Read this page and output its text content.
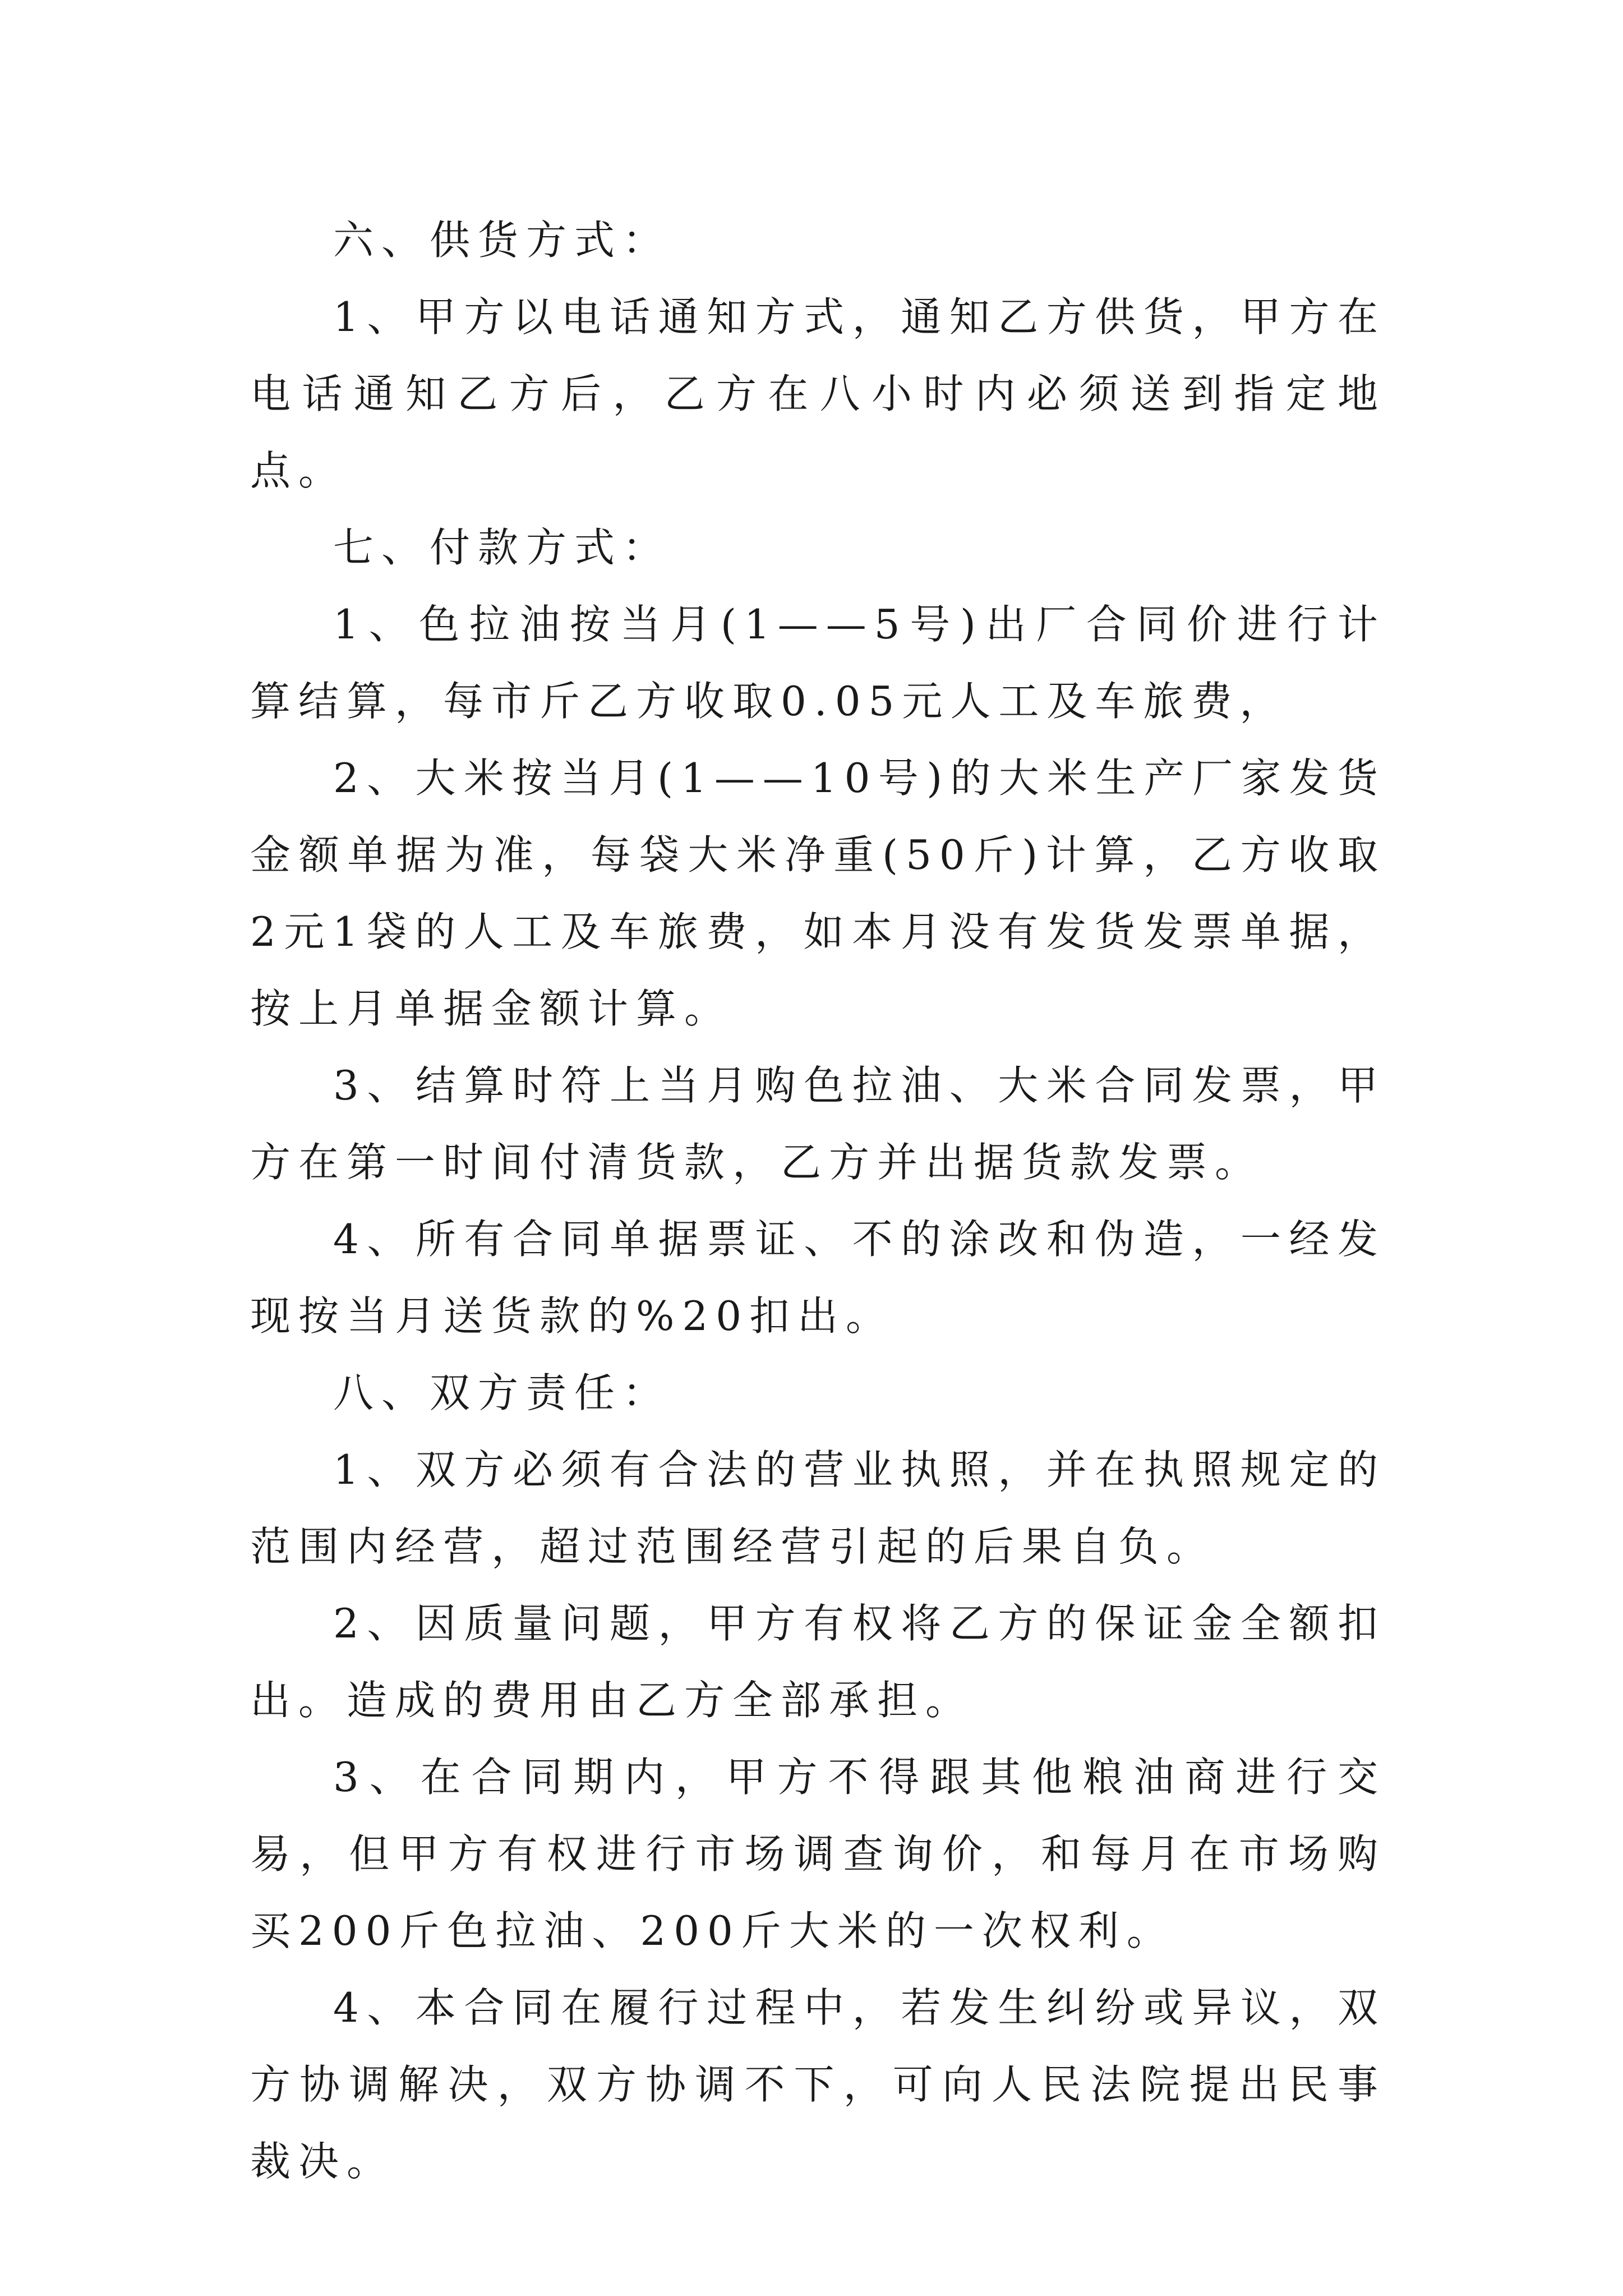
六、供货方式：

1、甲方以电话通知方式，通知乙方供货，甲方在电话通知乙方后，乙方在八小时内必须送到指定地点。

七、付款方式：

1、色拉油按当月(1——5号)出厂合同价进行计算结算，每市斤乙方收取0.05元人工及车旅费，

2、大米按当月(1——10号)的大米生产厂家发货金额单据为准，每袋大米净重(50斤)计算，乙方收取2元1袋的人工及车旅费，如本月没有发货发票单据，按上月单据金额计算。

3、结算时符上当月购色拉油、大米合同发票，甲方在第一时间付清货款，乙方并出据货款发票。

4、所有合同单据票证、不的涂改和伪造，一经发现按当月送货款的%20扣出。

八、双方责任：

1、双方必须有合法的营业执照，并在执照规定的范围内经营，超过范围经营引起的后果自负。

2、因质量问题，甲方有权将乙方的保证金全额扣出。造成的费用由乙方全部承担。

3、在合同期内，甲方不得跟其他粮油商进行交易，但甲方有权进行市场调查询价，和每月在市场购买200斤色拉油、200斤大米的一次权利。

4、本合同在履行过程中，若发生纠纷或异议，双方协调解决，双方协调不下，可向人民法院提出民事裁决。
